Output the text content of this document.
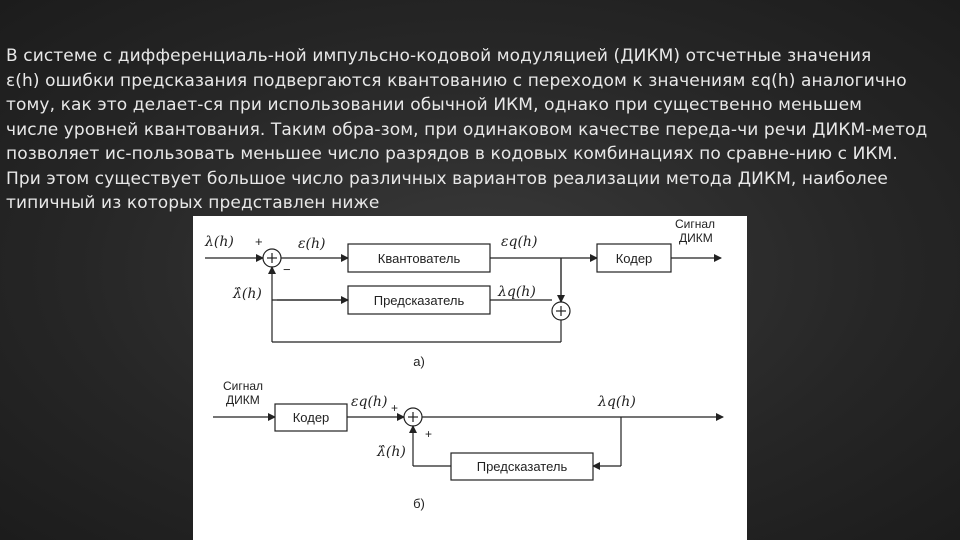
В системе с дифференциаль-ной импульсно-кодовой модуляцией (ДИКМ) отсчетные значения
ε(h) ошибки предсказания подвергаются квантованию с переходом к значениям εq(h) аналогично
тому, как это делает-ся при использовании обычной ИКМ, однако при существенно меньшем
числе уровней квантования. Таким обра-зом, при одинаковом качестве переда-чи речи ДИКМ-метод
позволяет ис-пользовать меньшее число разрядов в кодовых комбинациях по сравне-нию с ИКМ.
При этом существует большое число различных вариантов реализации метода ДИКМ, наиболее
типичный из которых представлен ниже
λ(h) +
−
ε(h)
Квантователь
εq(h)
Кодер
Сигнал
ДИКМ
λ̂(h)	λq(h)
Предсказатель
а)
Сигнал
ДИКМ
Кодер
εq(h) +
+
λq(h)
λ̂(h)
Предсказатель
б)
